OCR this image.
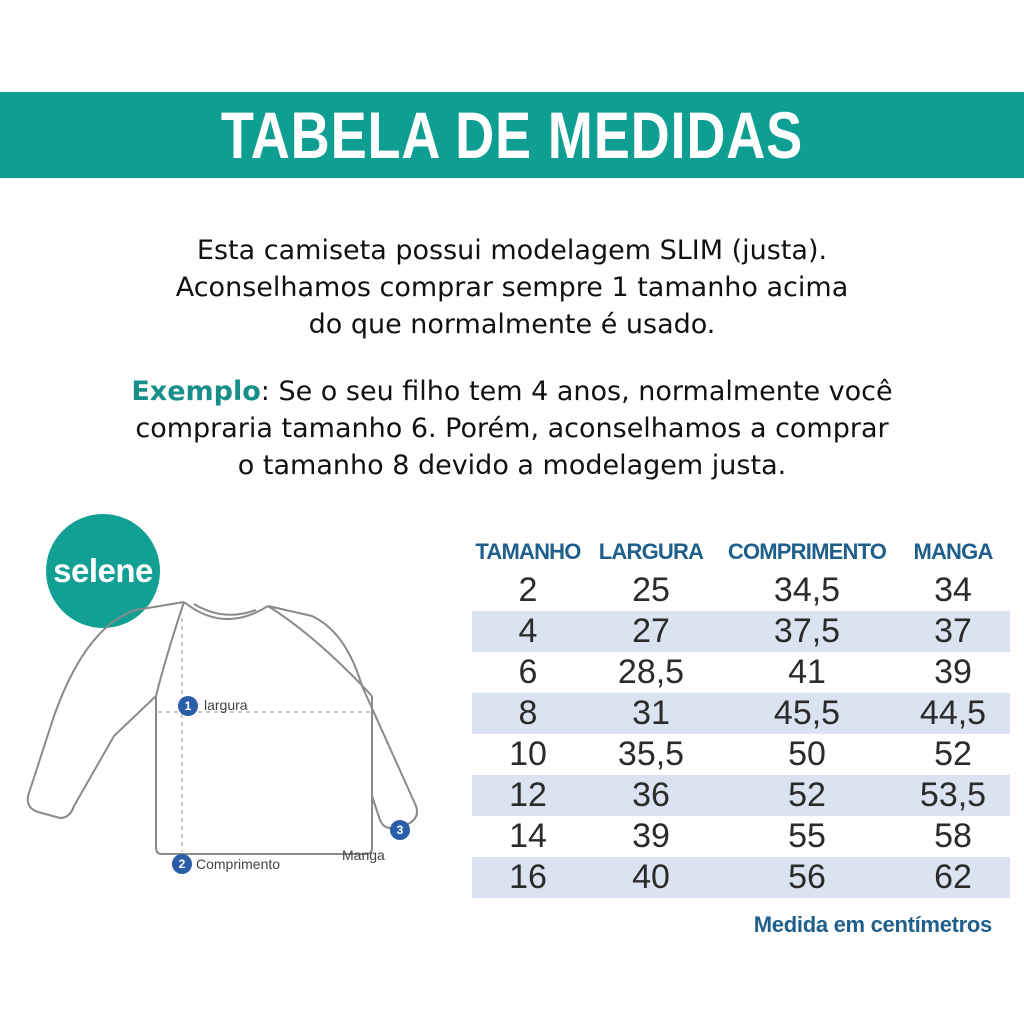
TABELA DE MEDIDAS

Esta camiseta possui modelagem SLIM (justa).

Aconselhamos comprar sempre 1 tamanho acima

do que normalmente é usado.

Exemplo: Se o seu filho tem 4 anos, normalmente você

compraria tamanho 6. Porém, aconselhamos a comprar

o tamanho 8 devido a modelagem justa.

selene
1 largura
2 Comprimento
3
Manga
TAMANHO	LARGURA	COMPRIMENTO	MANGA
2	25	34,5	34
4	27	37,5	37
6	28,5	41	39
8	31	45,5	44,5
10	35,5	50	52
12	36	52	53,5
14	39	55	58
16	40	56	62
Medida em centímetros
